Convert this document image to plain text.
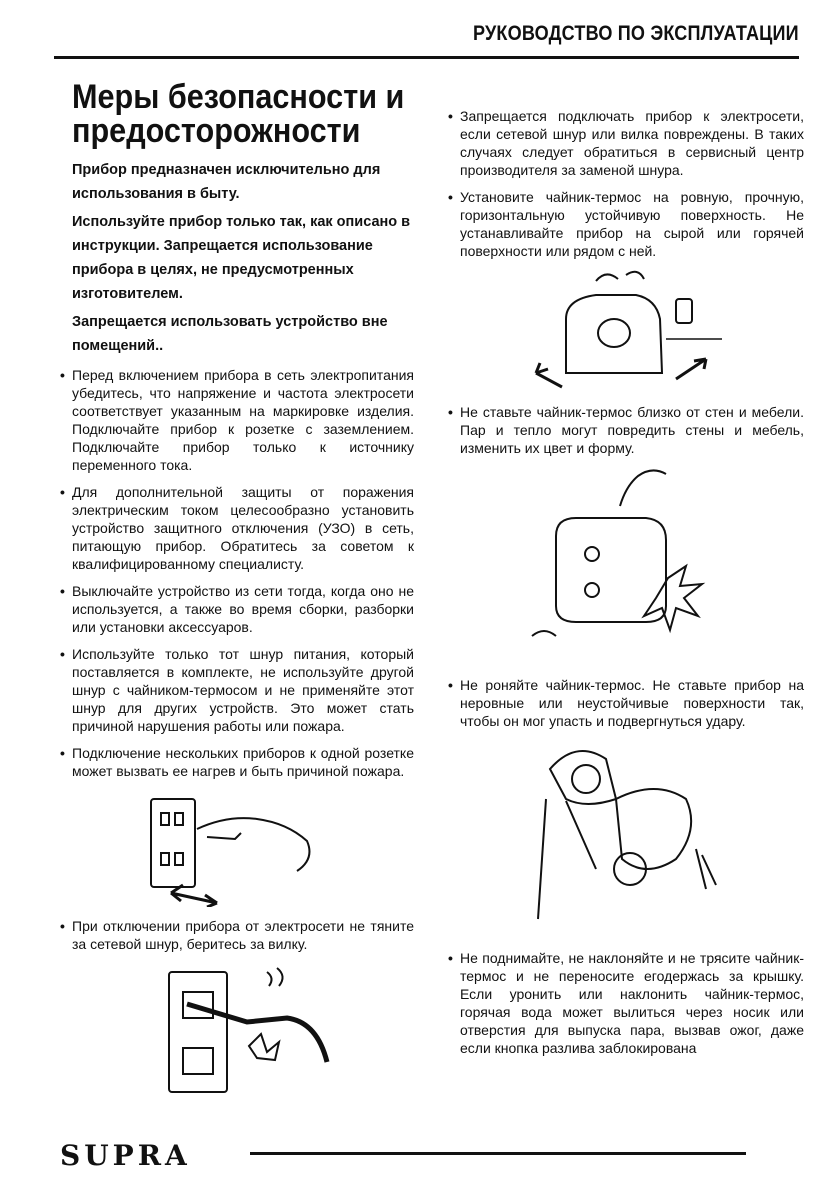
РУКОВОДСТВО ПО ЭКСПЛУАТАЦИИ
Меры безопасности и предосторожности

Прибор предназначен исключительно для использования в быту.

Используйте прибор только так, как описано в инструкции. Запрещается использование прибора в целях, не предусмотренных изготовителем.

Запрещается использовать устройство вне помещений..

• Перед включением прибора в сеть электропитания убедитесь, что напряжение и частота электросети соответствует указанным на маркировке изделия. Подключайте прибор к розетке с заземлением. Подключайте прибор только к источнику переменного тока.
• Для дополнительной защиты от поражения электрическим током целесообразно установить устройство защитного отключения (УЗО) в сеть, питающую прибор. Обратитесь за советом к квалифицированному специалисту.
• Выключайте устройство из сети тогда, когда оно не используется, а также во время сборки, разборки или установки аксессуаров.
• Используйте только тот шнур питания, который поставляется в комплекте, не используйте другой шнур с чайником-термосом и не применяйте этот шнур для других устройств. Это может стать причиной нарушения работы или пожара.
• Подключение нескольких приборов к одной розетке может вызвать ее нагрев и быть причиной пожара.
• При отключении прибора от электросети не тяните за сетевой шнур, беритесь за вилку.
• Запрещается подключать прибор к электросети, если сетевой шнур или вилка повреждены. В таких случаях следует обратиться в сервисный центр производителя за заменой шнура.
• Установите чайник-термос на ровную, прочную, горизонтальную устойчивую поверхность. Не устанавливайте прибор на сырой или горячей поверхности или рядом с ней.
• Не ставьте чайник-термос близко от стен и мебели. Пар и тепло могут повредить стены и мебель, изменить их цвет и форму.
• Не роняйте чайник-термос. Не ставьте прибор на неровные или неустойчивые поверхности так, чтобы он мог упасть и подвергнуться удару.
• Не поднимайте, не наклоняйте и не трясите чайник-термос и не переносите егодержась за крышку. Если уронить или наклонить чайник-термос, горячая вода может вылиться через носик или отверстия для выпуска пара, вызвав ожог, даже если кнопка разлива заблокирована
SUPRA
